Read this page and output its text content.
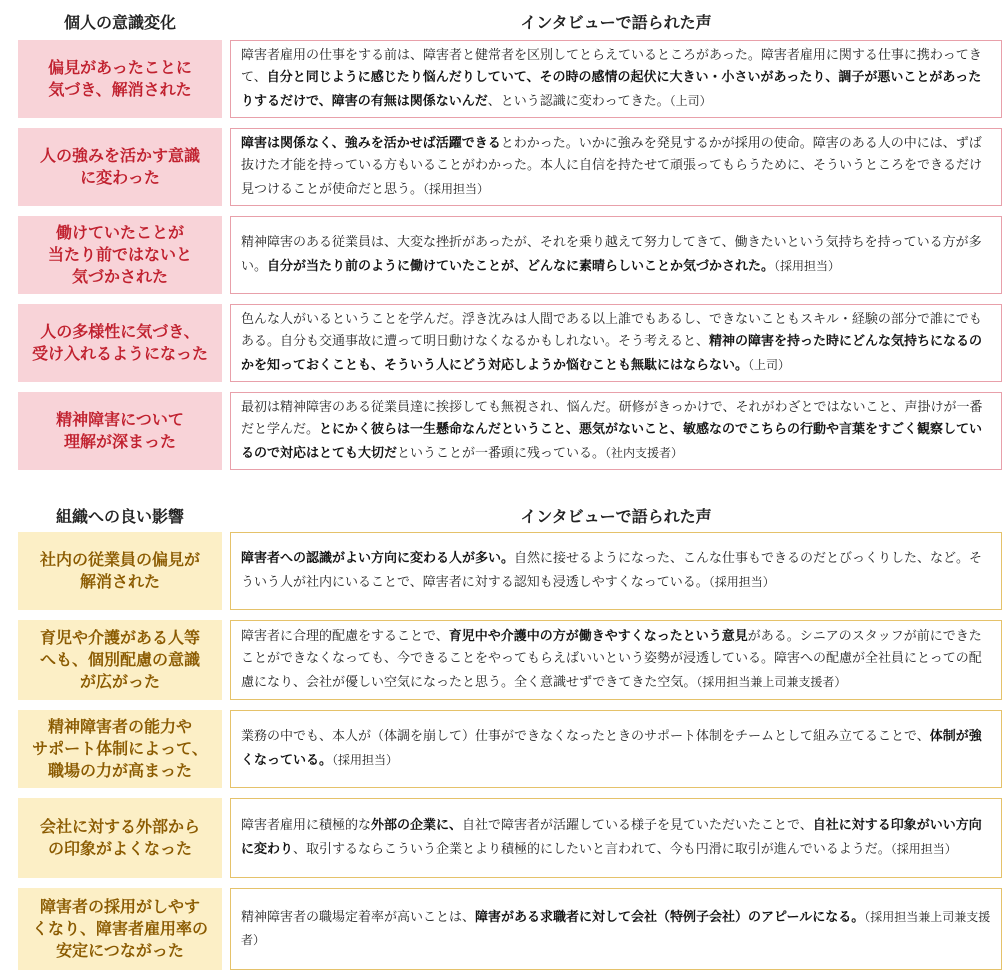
個人の意識変化	インタビューで語られた声
偏見があったことに
気づき、解消された

障害者雇用の仕事をする前は、障害者と健常者を区別してとらえているところがあった。障害者雇用に関する仕事に携わってきて、自分と同じように感じたり悩んだりしていて、その時の感情の起伏に大きい・小さいがあったり、調子が悪いことがあったりするだけで、障害の有無は関係ないんだ、という認識に変わってきた。（上司）

人の強みを活かす意識
に変わった

障害は関係なく、強みを活かせば活躍できるとわかった。いかに強みを発見するかが採用の使命。障害のある人の中には、ずば抜けた才能を持っている方もいることがわかった。本人に自信を持たせて頑張ってもらうために、そういうところをできるだけ見つけることが使命だと思う。（採用担当）

働けていたことが
当たり前ではないと
気づかされた

精神障害のある従業員は、大変な挫折があったが、それを乗り越えて努力してきて、働きたいという気持ちを持っている方が多い。自分が当たり前のように働けていたことが、どんなに素晴らしいことか気づかされた。（採用担当）

人の多様性に気づき、
受け入れるようになった

色んな人がいるということを学んだ。浮き沈みは人間である以上誰でもあるし、できないこともスキル・経験の部分で誰にでもある。自分も交通事故に遭って明日動けなくなるかもしれない。そう考えると、精神の障害を持った時にどんな気持ちになるのかを知っておくことも、そういう人にどう対応しようか悩むことも無駄にはならない。（上司）

精神障害について
理解が深まった

最初は精神障害のある従業員達に挨拶しても無視され、悩んだ。研修がきっかけで、それがわざとではないこと、声掛けが一番だと学んだ。とにかく彼らは一生懸命なんだということ、悪気がないこと、敏感なのでこちらの行動や言葉をすごく観察しているので対応はとても大切だということが一番頭に残っている。（社内支援者）

組織への良い影響	インタビューで語られた声
社内の従業員の偏見が
解消された

障害者への認識がよい方向に変わる人が多い。自然に接せるようになった、こんな仕事もできるのだとびっくりした、など。そういう人が社内にいることで、障害者に対する認知も浸透しやすくなっている。（採用担当）

育児や介護がある人等
へも、個別配慮の意識
が広がった

障害者に合理的配慮をすることで、育児中や介護中の方が働きやすくなったという意見がある。シニアのスタッフが前にできたことができなくなっても、今できることをやってもらえばいいという姿勢が浸透している。障害への配慮が全社員にとっての配慮になり、会社が優しい空気になったと思う。全く意識せずできてきた空気。（採用担当兼上司兼支援者）

精神障害者の能力や
サポート体制によって、
職場の力が高まった

業務の中でも、本人が（体調を崩して）仕事ができなくなったときのサポート体制をチームとして組み立てることで、体制が強くなっている。（採用担当）

会社に対する外部から
の印象がよくなった

障害者雇用に積極的な外部の企業に、自社で障害者が活躍している様子を見ていただいたことで、自社に対する印象がいい方向に変わり、取引するならこういう企業とより積極的にしたいと言われて、今も円滑に取引が進んでいるようだ。（採用担当）

障害者の採用がしやす
くなり、障害者雇用率の
安定につながった

精神障害者の職場定着率が高いことは、障害がある求職者に対して会社（特例子会社）のアピールになる。（採用担当兼上司兼支援者）
